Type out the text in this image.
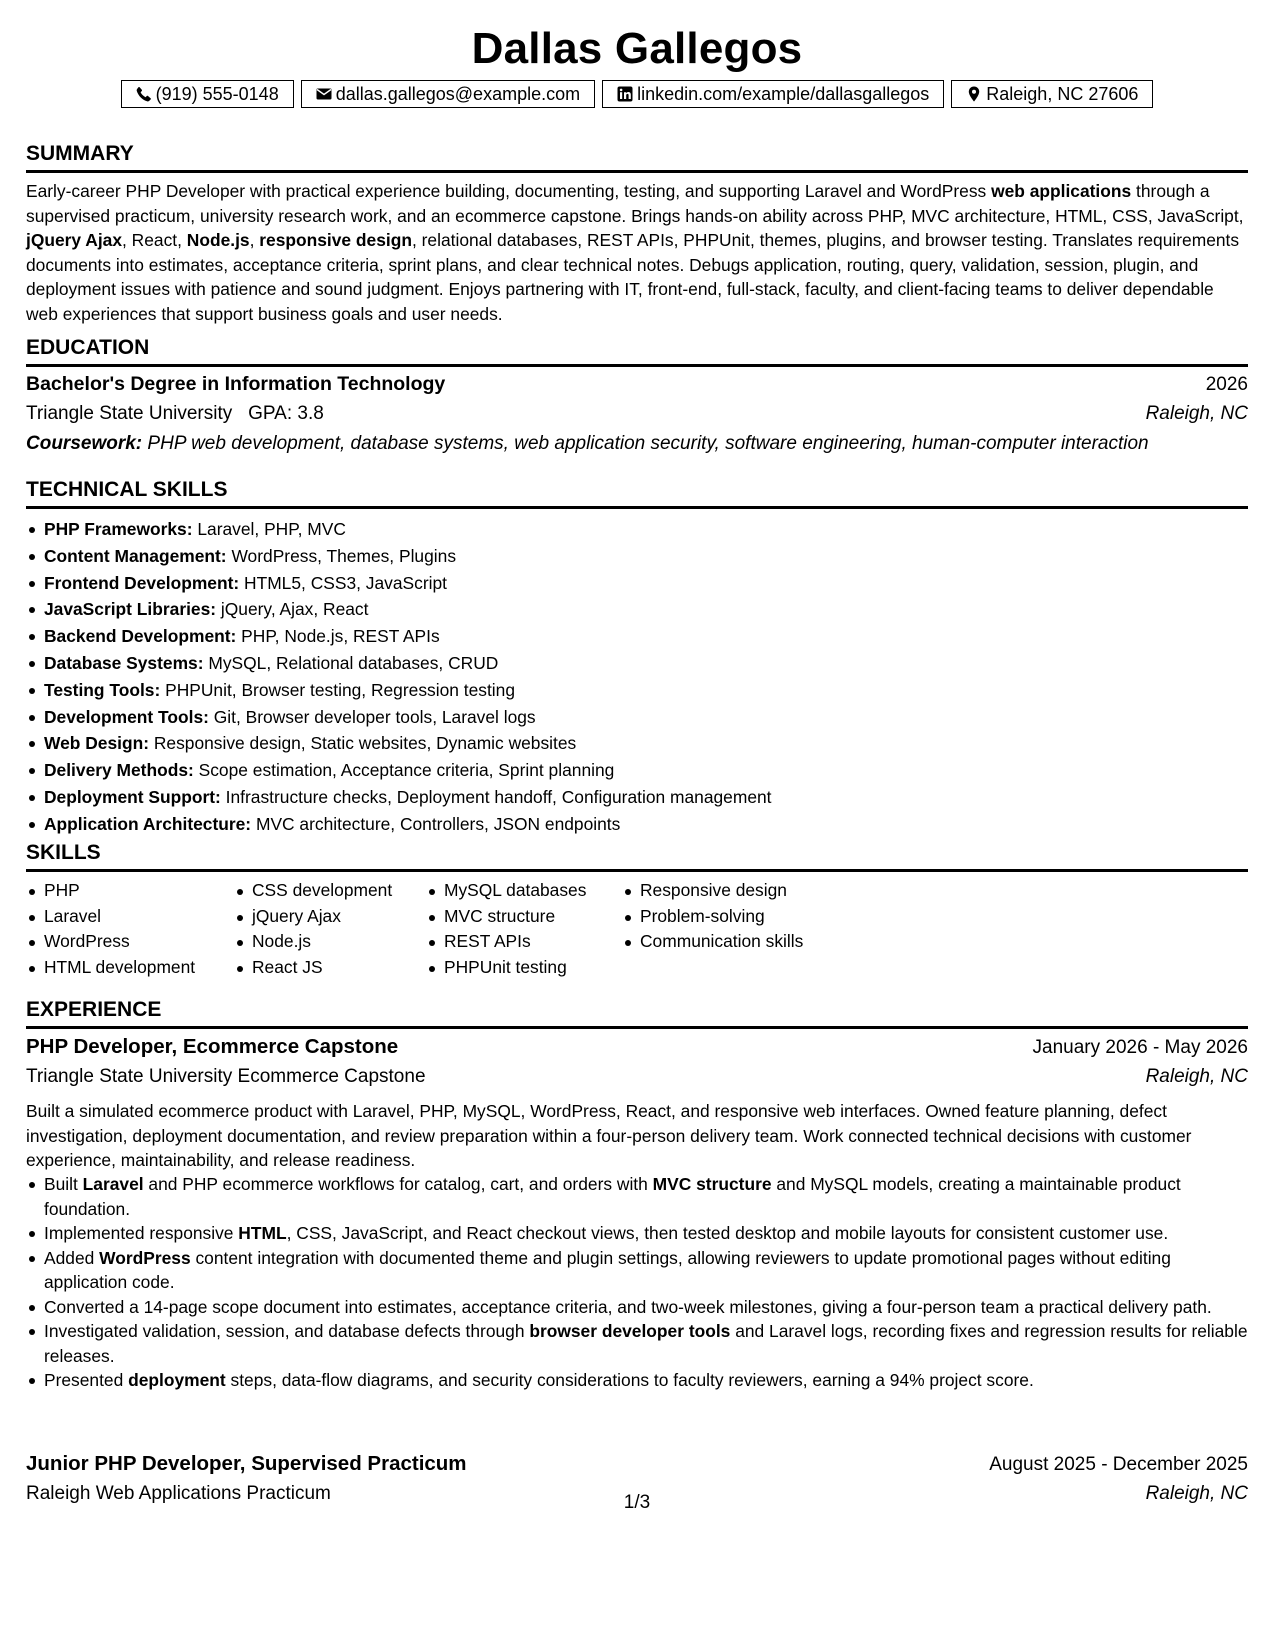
Dallas Gallegos
(919) 555-0148	dallas.gallegos@example.com	linkedin.com/example/dallasgallegos	Raleigh, NC 27606
SUMMARY

Early-career PHP Developer with practical experience building, documenting, testing, and supporting Laravel and WordPress web applications through a supervised practicum, university research work, and an ecommerce capstone. Brings hands-on ability across PHP, MVC architecture, HTML, CSS, JavaScript, jQuery Ajax, React, Node.js, responsive design, relational databases, REST APIs, PHPUnit, themes, plugins, and browser testing. Translates requirements documents into estimates, acceptance criteria, sprint plans, and clear technical notes. Debugs application, routing, query, validation, session, plugin, and deployment issues with patience and sound judgment. Enjoys partnering with IT, front-end, full-stack, faculty, and client-facing teams to deliver dependable web experiences that support business goals and user needs.

EDUCATION
Bachelor's Degree in Information Technology	2026
Triangle State University GPA: 3.8	Raleigh, NC
Coursework: PHP web development, database systems, web application security, software engineering, human-computer interaction
TECHNICAL SKILLS
PHP Frameworks: Laravel, PHP, MVC
Content Management: WordPress, Themes, Plugins
Frontend Development: HTML5, CSS3, JavaScript
JavaScript Libraries: jQuery, Ajax, React
Backend Development: PHP, Node.js, REST APIs
Database Systems: MySQL, Relational databases, CRUD
Testing Tools: PHPUnit, Browser testing, Regression testing
Development Tools: Git, Browser developer tools, Laravel logs
Web Design: Responsive design, Static websites, Dynamic websites
Delivery Methods: Scope estimation, Acceptance criteria, Sprint planning
Deployment Support: Infrastructure checks, Deployment handoff, Configuration management
Application Architecture: MVC architecture, Controllers, JSON endpoints
SKILLS
PHP
Laravel
WordPress
HTML development
CSS development
jQuery Ajax
Node.js
React JS
MySQL databases
MVC structure
REST APIs
PHPUnit testing
Responsive design
Problem-solving
Communication skills
EXPERIENCE
PHP Developer, Ecommerce Capstone	January 2026 - May 2026
Triangle State University Ecommerce Capstone	Raleigh, NC

Built a simulated ecommerce product with Laravel, PHP, MySQL, WordPress, React, and responsive web interfaces. Owned feature planning, defect investigation, deployment documentation, and review preparation within a four-person delivery team. Work connected technical decisions with customer experience, maintainability, and release readiness.

Built Laravel and PHP ecommerce workflows for catalog, cart, and orders with MVC structure and MySQL models, creating a maintainable product foundation.
Implemented responsive HTML, CSS, JavaScript, and React checkout views, then tested desktop and mobile layouts for consistent customer use.
Added WordPress content integration with documented theme and plugin settings, allowing reviewers to update promotional pages without editing application code.
Converted a 14-page scope document into estimates, acceptance criteria, and two-week milestones, giving a four-person team a practical delivery path.
Investigated validation, session, and database defects through browser developer tools and Laravel logs, recording fixes and regression results for reliable releases.
Presented deployment steps, data-flow diagrams, and security considerations to faculty reviewers, earning a 94% project score.
Junior PHP Developer, Supervised Practicum	August 2025 - December 2025
Raleigh Web Applications Practicum	Raleigh, NC
1/3
